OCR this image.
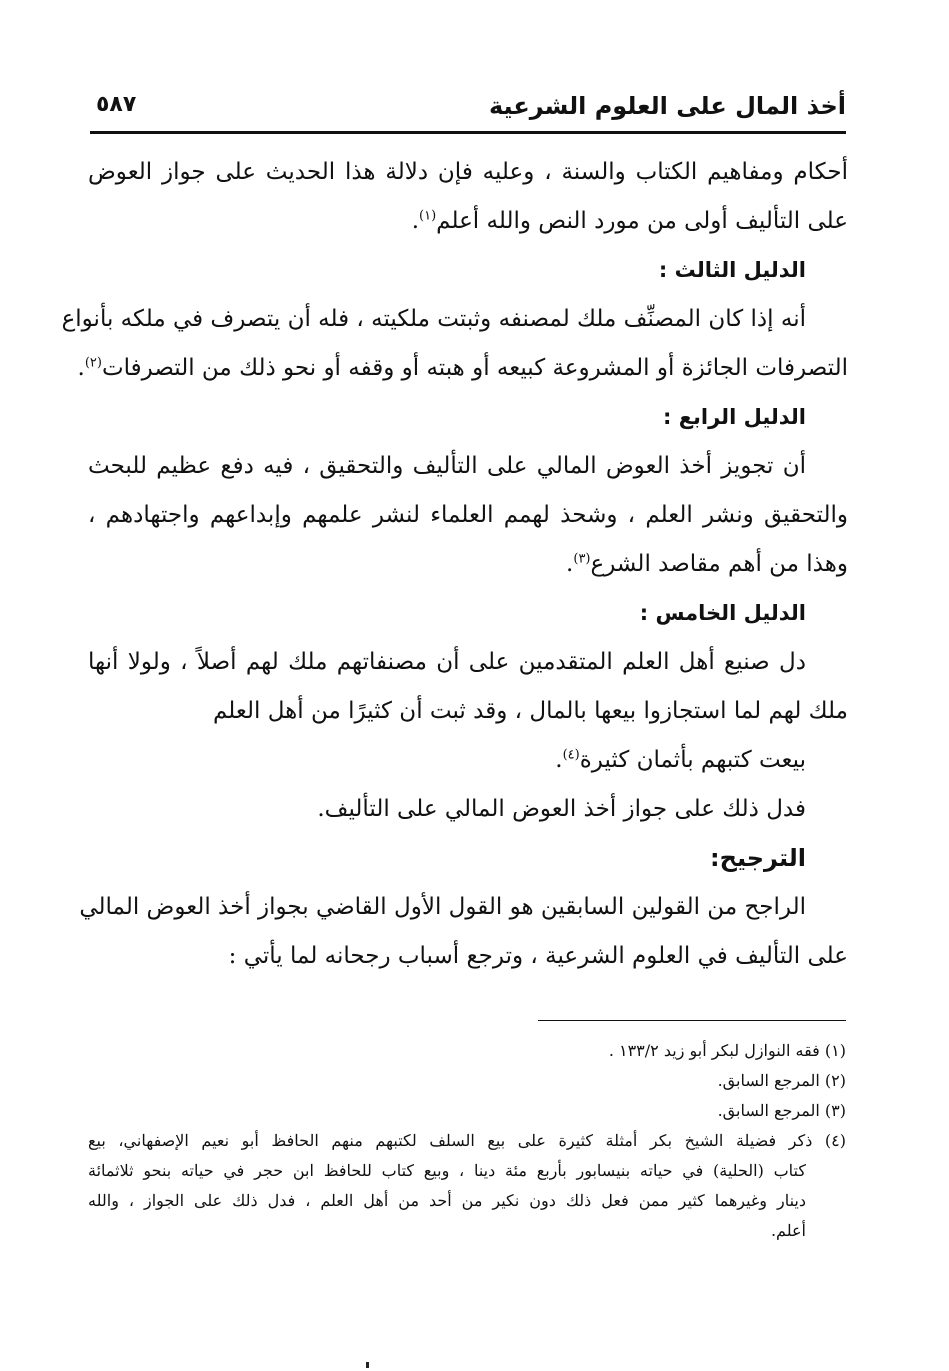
أخذ المال على العلوم الشرعية
٥٨٧
أحكام ومفاهيم الكتاب والسنة ، وعليه فإن دلالة هذا الحديث على جواز العوض
على التأليف أولى من مورد النص والله أعلم$^{(١)}$.
الدليل الثالث :
أنه إذا كان المصنِّف ملك لمصنفه وثبتت ملكيته ، فله أن يتصرف في ملكه بأنواع
التصرفات الجائزة أو المشروعة كبيعه أو هبته أو وقفه أو نحو ذلك من التصرفات$^{(٢)}$.
الدليل الرابع :
أن تجويز أخذ العوض المالي على التأليف والتحقيق ، فيه دفع عظيم للبحث
والتحقيق ونشر العلم ، وشحذ لهمم العلماء لنشر علمهم وإبداعهم واجتهادهم ،
وهذا من أهم مقاصد الشرع$^{(٣)}$.
الدليل الخامس :
دل صنيع أهل العلم المتقدمين على أن مصنفاتهم ملك لهم أصلاً ، ولولا أنها
ملك لهم لما استجازوا بيعها بالمال ، وقد ثبت أن كثيرًا من أهل العلم
بيعت كتبهم بأثمان كثيرة$^{(٤)}$.
فدل ذلك على جواز أخذ العوض المالي على التأليف.
الترجيح:
الراجح من القولين السابقين هو القول الأول القاضي بجواز أخذ العوض المالي
على التأليف في العلوم الشرعية ، وترجع أسباب رجحانه لما يأتي :
(١) فقه النوازل لبكر أبو زيد ١٣٣/٢ .
(٢) المرجع السابق.
(٣) المرجع السابق.
(٤) ذكر فضيلة الشيخ بكر أمثلة كثيرة على بيع السلف لكتبهم منهم الحافظ أبو نعيم الإصفهاني، بيع
كتاب (الحلية) في حياته بنيسابور بأربع مئة دينا ، وبيع كتاب للحافظ ابن حجر في حياته بنحو ثلاثمائة
دينار وغيرهما كثير ممن فعل ذلك دون نكير من أحد من أهل العلم ، فدل ذلك على الجواز ، والله
أعلم.
